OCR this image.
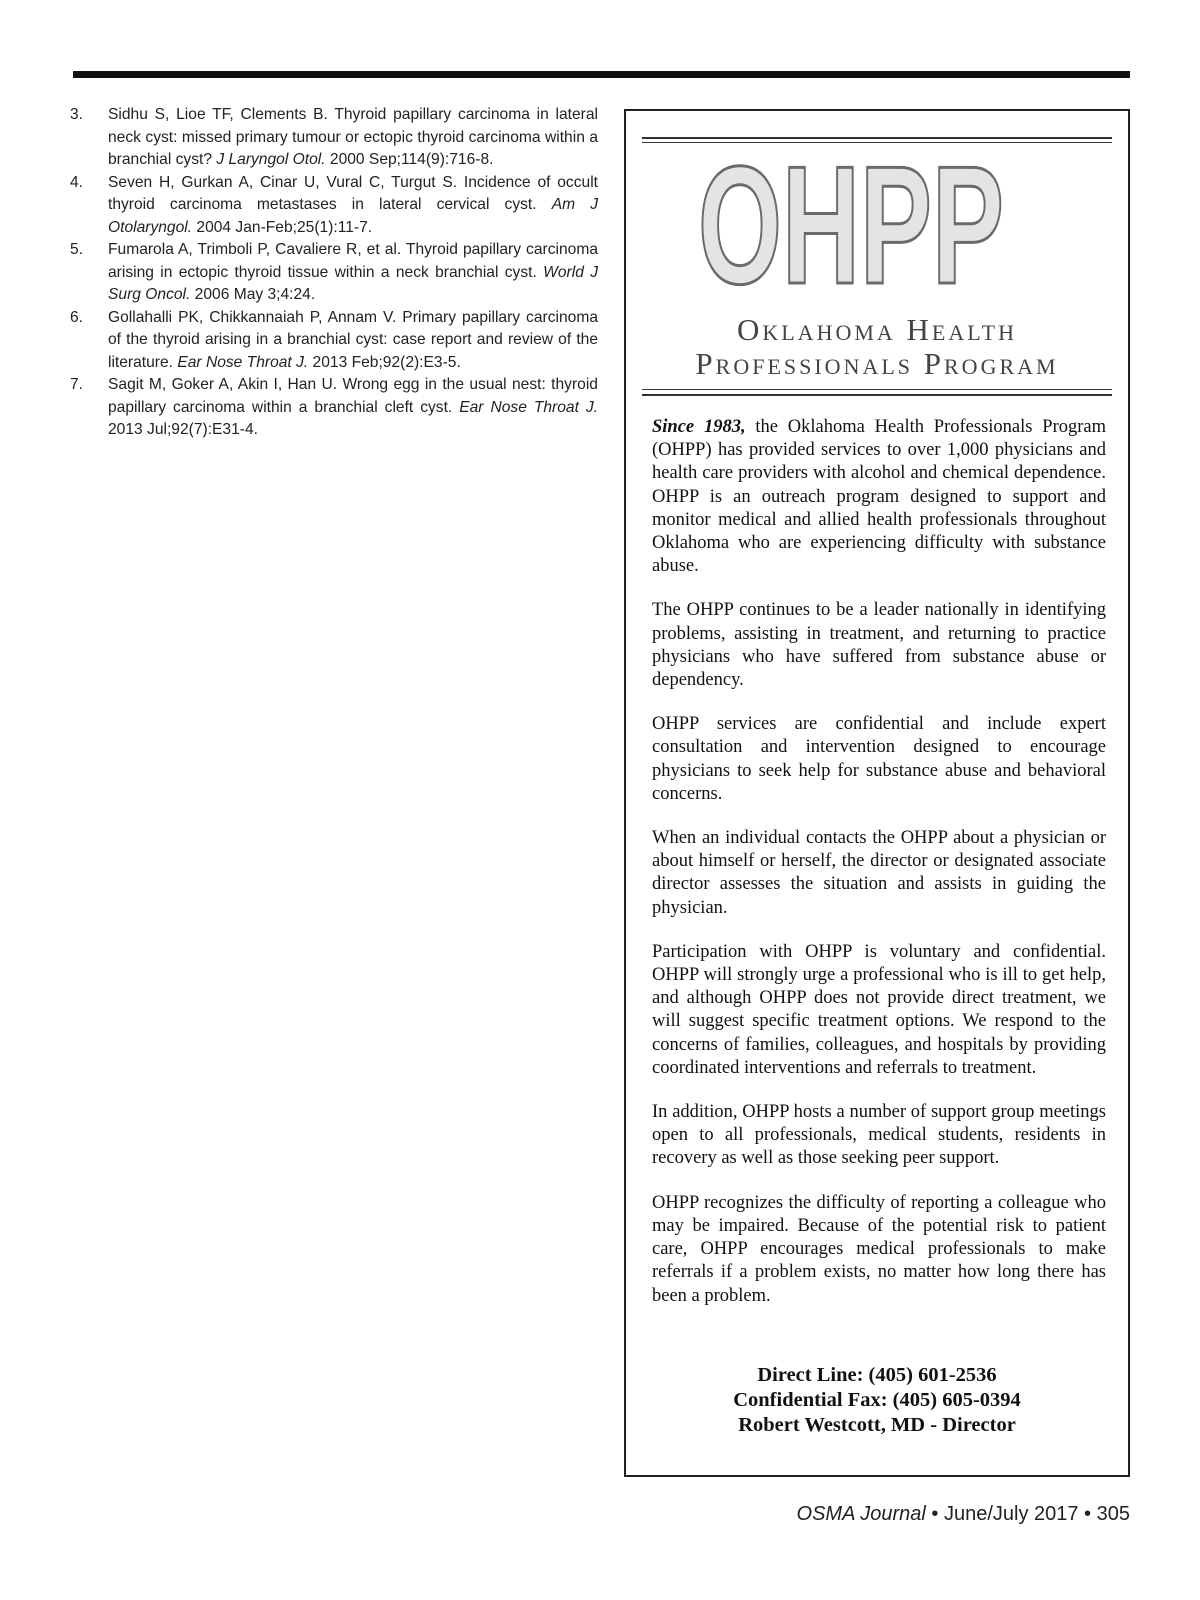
3.	Sidhu S, Lioe TF, Clements B. Thyroid papillary carcinoma in lateral neck cyst: missed primary tumour or ectopic thyroid carcinoma within a branchial cyst? J Laryngol Otol. 2000 Sep;114(9):716-8.
4.	Seven H, Gurkan A, Cinar U, Vural C, Turgut S. Incidence of occult thyroid carcinoma metastases in lateral cervical cyst. Am J Otolaryngol. 2004 Jan-Feb;25(1):11-7.
5.	Fumarola A, Trimboli P, Cavaliere R, et al. Thyroid papillary carcinoma arising in ectopic thyroid tissue within a neck branchial cyst. World J Surg Oncol. 2006 May 3;4:24.
6.	Gollahalli PK, Chikkannaiah P, Annam V. Primary papillary carcinoma of the thyroid arising in a branchial cyst: case report and review of the literature. Ear Nose Throat J. 2013 Feb;92(2):E3-5.
7.	Sagit M, Goker A, Akin I, Han U. Wrong egg in the usual nest: thyroid papillary carcinoma within a branchial cleft cyst. Ear Nose Throat J. 2013 Jul;92(7):E31-4.
OHPP
Oklahoma Health
Professionals Program

Since 1983, the Oklahoma Health Professionals Program (OHPP) has provided services to over 1,000 physicians and health care providers with alcohol and chemical dependence. OHPP is an outreach program designed to support and monitor medical and allied health professionals throughout Oklahoma who are experiencing difficulty with substance abuse.

The OHPP continues to be a leader nationally in identifying problems, assisting in treatment, and returning to practice physicians who have suffered from substance abuse or dependency.

OHPP services are confidential and include expert consultation and intervention designed to encourage physicians to seek help for substance abuse and behavioral concerns.

When an individual contacts the OHPP about a physician or about himself or herself, the director or designated associate director assesses the situation and assists in guiding the physician.

Participation with OHPP is voluntary and confidential. OHPP will strongly urge a professional who is ill to get help, and although OHPP does not provide direct treatment, we will suggest specific treatment options. We respond to the concerns of families, colleagues, and hospitals by providing coordinated interventions and referrals to treatment.

In addition, OHPP hosts a number of support group meetings open to all professionals, medical students, residents in recovery as well as those seeking peer support.

OHPP recognizes the difficulty of reporting a colleague who may be impaired. Because of the potential risk to patient care, OHPP encourages medical professionals to make referrals if a problem exists, no matter how long there has been a problem.

Direct Line: (405) 601-2536
Confidential Fax: (405) 605-0394
Robert Westcott, MD - Director
OSMA Journal • June/July 2017 • 305
